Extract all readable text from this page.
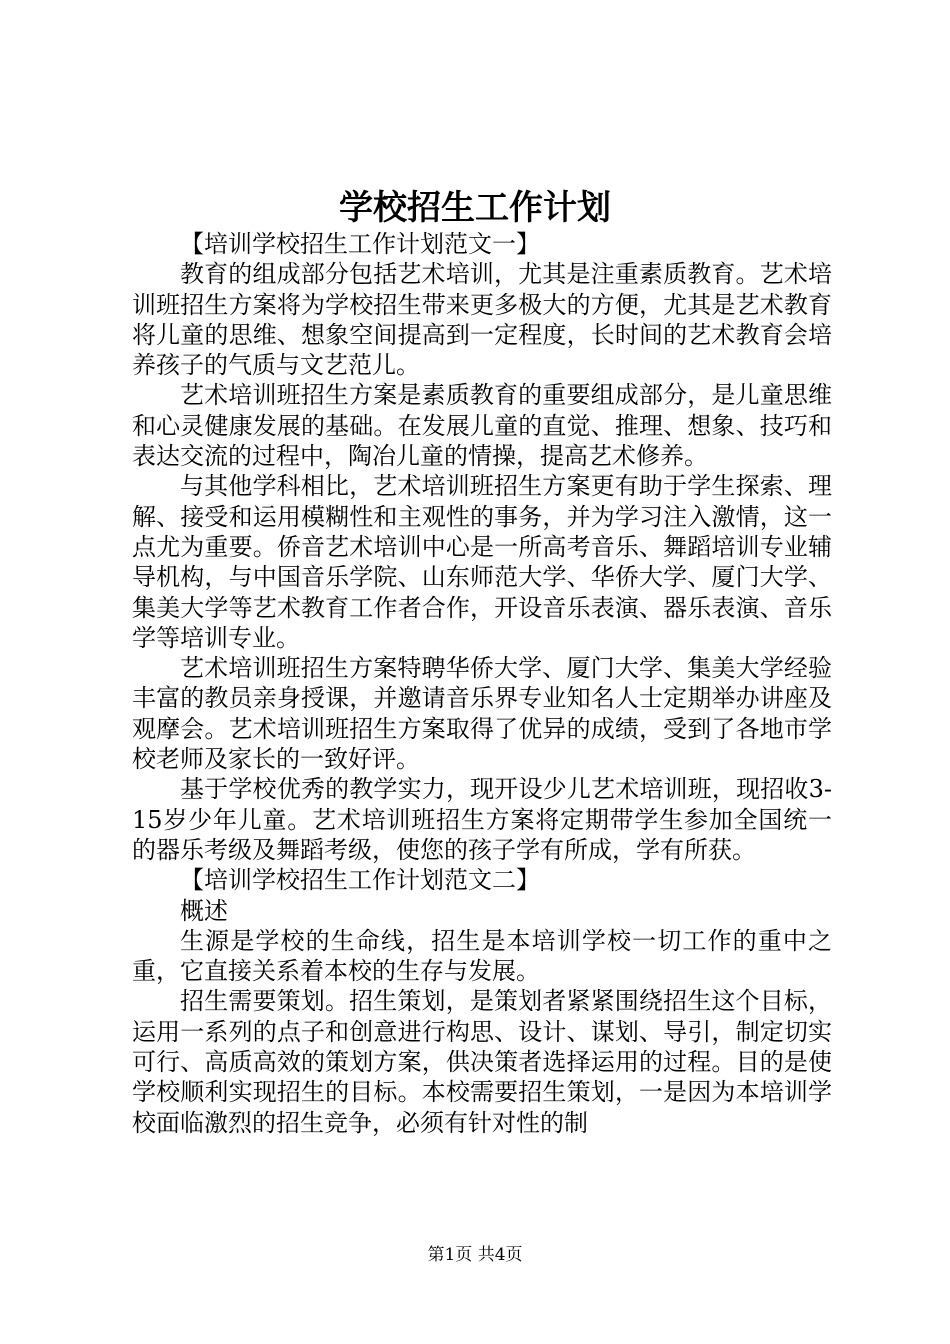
学校招生工作计划

【培训学校招生工作计划范文一】

教育的组成部分包括艺术培训，尤其是注重素质教育。艺术培训班招生方案将为学校招生带来更多极大的方便，尤其是艺术教育将儿童的思维、想象空间提高到一定程度，长时间的艺术教育会培养孩子的气质与文艺范儿。

艺术培训班招生方案是素质教育的重要组成部分，是儿童思维和心灵健康发展的基础。在发展儿童的直觉、推理、想象、技巧和表达交流的过程中，陶冶儿童的情操，提高艺术修养。

与其他学科相比，艺术培训班招生方案更有助于学生探索、理解、接受和运用模糊性和主观性的事务，并为学习注入激情，这一点尤为重要。侨音艺术培训中心是一所高考音乐、舞蹈培训专业辅导机构，与中国音乐学院、山东师范大学、华侨大学、厦门大学、集美大学等艺术教育工作者合作，开设音乐表演、器乐表演、音乐学等培训专业。

艺术培训班招生方案特聘华侨大学、厦门大学、集美大学经验丰富的教员亲身授课，并邀请音乐界专业知名人士定期举办讲座及观摩会。艺术培训班招生方案取得了优异的成绩，受到了各地市学校老师及家长的一致好评。

基于学校优秀的教学实力，现开设少儿艺术培训班，现招收3-15岁少年儿童。艺术培训班招生方案将定期带学生参加全国统一的器乐考级及舞蹈考级，使您的孩子学有所成，学有所获。

【培训学校招生工作计划范文二】

概述

生源是学校的生命线，招生是本培训学校一切工作的重中之重，它直接关系着本校的生存与发展。

招生需要策划。招生策划，是策划者紧紧围绕招生这个目标，运用一系列的点子和创意进行构思、设计、谋划、导引，制定切实可行、高质高效的策划方案，供决策者选择运用的过程。目的是使学校顺利实现招生的目标。本校需要招生策划，一是因为本培训学校面临激烈的招生竞争，必须有针对性的制

第1页 共4页
